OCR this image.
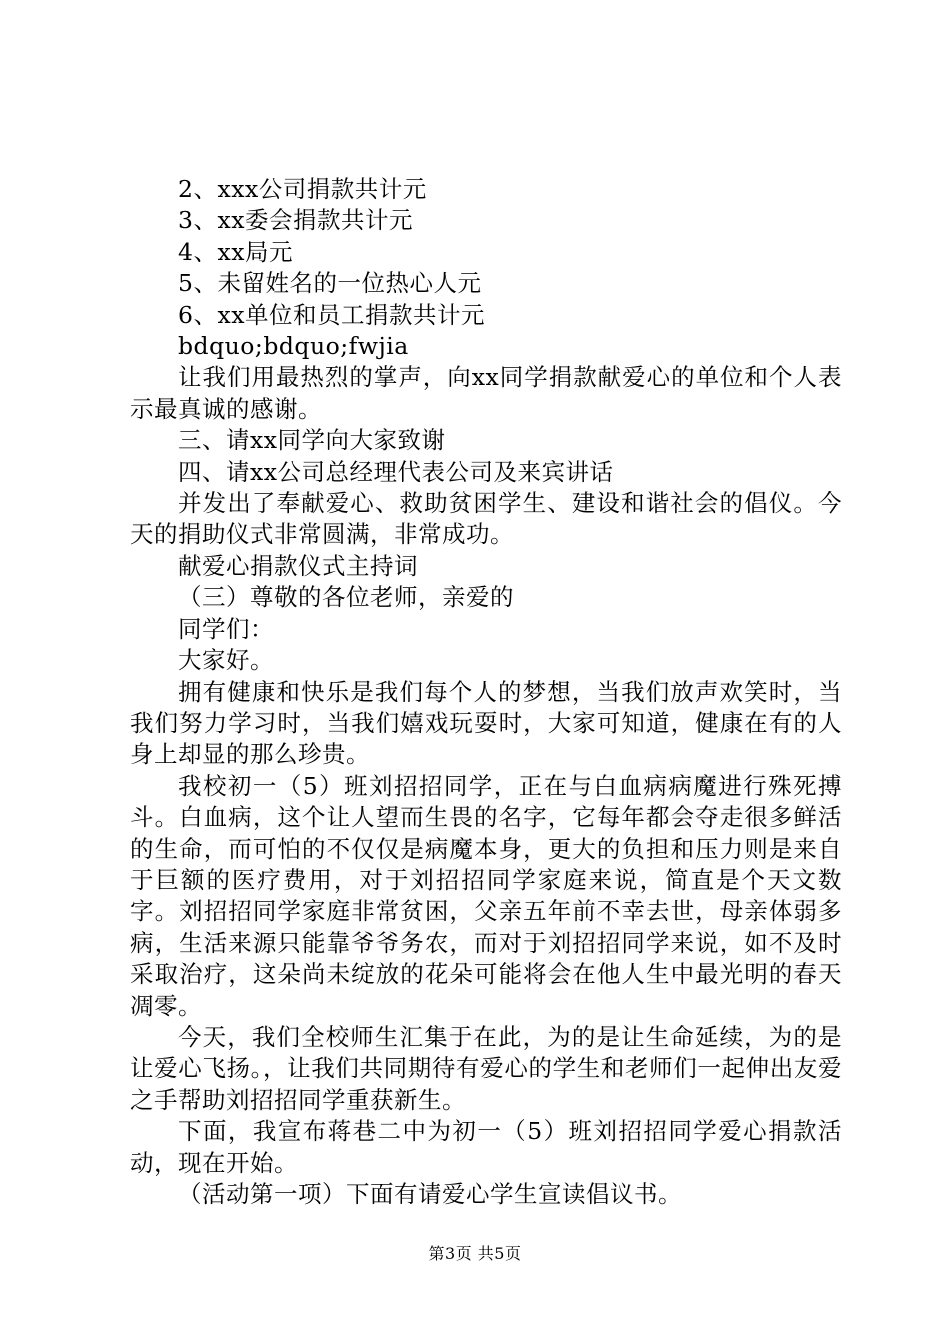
2、xxx公司捐款共计元

3、xx委会捐款共计元

4、xx局元

5、未留姓名的一位热心人元

6、xx单位和员工捐款共计元

bdquo;bdquo;fwjia

让我们用最热烈的掌声，向xx同学捐款献爱心的单位和个人表示最真诚的感谢。

三、请xx同学向大家致谢

四、请xx公司总经理代表公司及来宾讲话

并发出了奉献爱心、救助贫困学生、建设和谐社会的倡仪。今天的捐助仪式非常圆满，非常成功。

献爱心捐款仪式主持词

（三）尊敬的各位老师，亲爱的

同学们：

大家好。

拥有健康和快乐是我们每个人的梦想，当我们放声欢笑时，当我们努力学习时，当我们嬉戏玩耍时，大家可知道，健康在有的人身上却显的那么珍贵。

我校初一（5）班刘招招同学，正在与白血病病魔进行殊死搏斗。白血病，这个让人望而生畏的名字，它每年都会夺走很多鲜活的生命，而可怕的不仅仅是病魔本身，更大的负担和压力则是来自于巨额的医疗费用，对于刘招招同学家庭来说，简直是个天文数字。刘招招同学家庭非常贫困，父亲五年前不幸去世，母亲体弱多病，生活来源只能靠爷爷务农，而对于刘招招同学来说，如不及时采取治疗，这朵尚未绽放的花朵可能将会在他人生中最光明的春天凋零。

今天，我们全校师生汇集于在此，为的是让生命延续，为的是让爱心飞扬。，让我们共同期待有爱心的学生和老师们一起伸出友爱之手帮助刘招招同学重获新生。

下面，我宣布蒋巷二中为初一（5）班刘招招同学爱心捐款活动，现在开始。

（活动第一项）下面有请爱心学生宣读倡议书。

第3页 共5页
